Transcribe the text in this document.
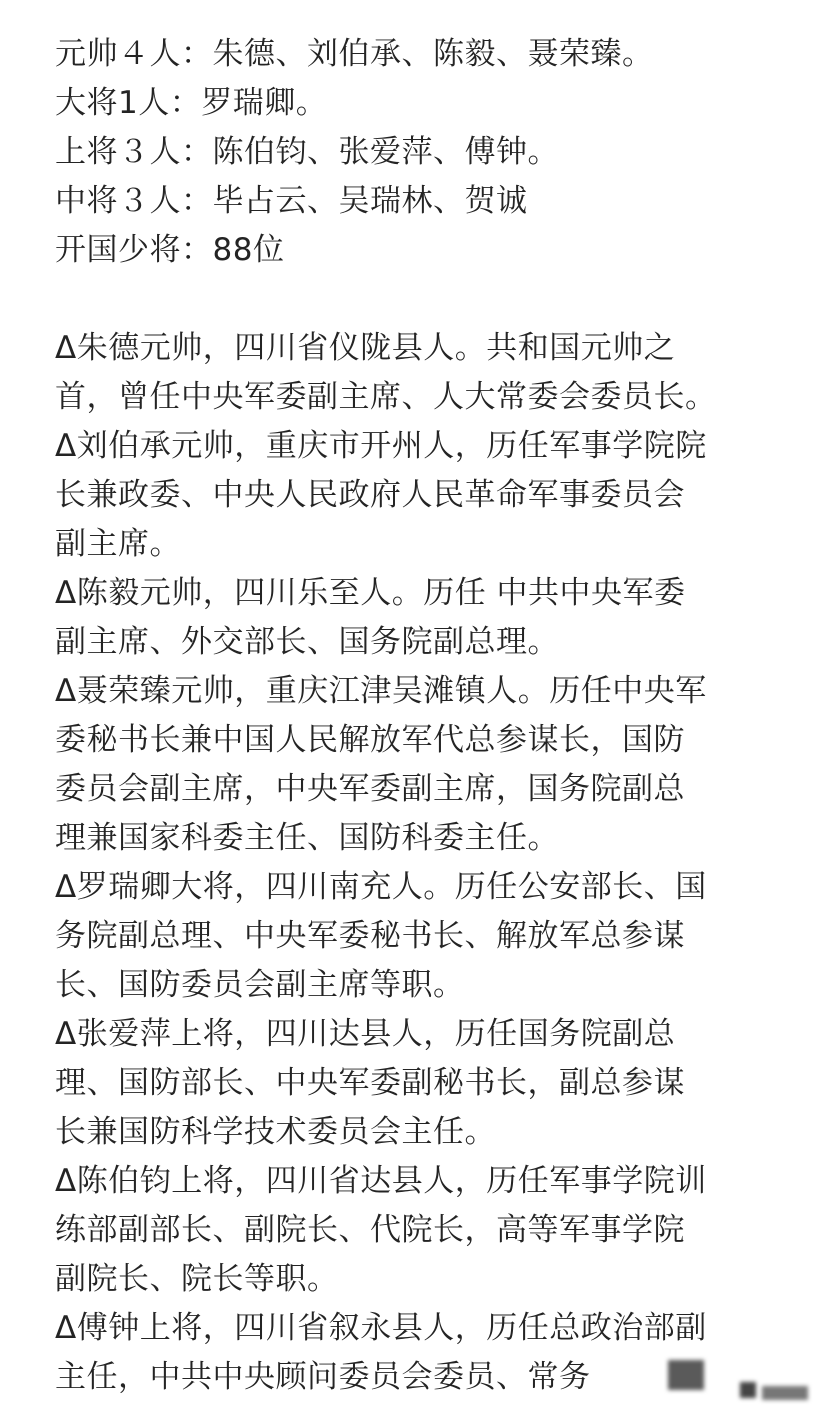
元帅４人：朱德、刘伯承、陈毅、聂荣臻。
大将1人：罗瑞卿。
上将３人：陈伯钧、张爱萍、傅钟。
中将３人：毕占云、吴瑞林、贺诚
开国少将：88位
Δ朱德元帅，四川省仪陇县人。共和国元帅之
首，曾任中央军委副主席、人大常委会委员长。
Δ刘伯承元帅，重庆市开州人，历任军事学院院
长兼政委、中央人民政府人民革命军事委员会
副主席。
Δ陈毅元帅，四川乐至人。历任 中共中央军委
副主席、外交部长、国务院副总理。
Δ聂荣臻元帅，重庆江津吴滩镇人。历任中央军
委秘书长兼中国人民解放军代总参谋长，国防
委员会副主席，中央军委副主席，国务院副总
理兼国家科委主任、国防科委主任。
Δ罗瑞卿大将，四川南充人。历任公安部长、国
务院副总理、中央军委秘书长、解放军总参谋
长、国防委员会副主席等职。
Δ张爱萍上将，四川达县人，历任国务院副总
理、国防部长、中央军委副秘书长，副总参谋
长兼国防科学技术委员会主任。
Δ陈伯钧上将，四川省达县人，历任军事学院训
练部副部长、副院长、代院长，高等军事学院
副院长、院长等职。
Δ傅钟上将，四川省叙永县人，历任总政治部副
主任，中共中央顾问委员会委员、常务
